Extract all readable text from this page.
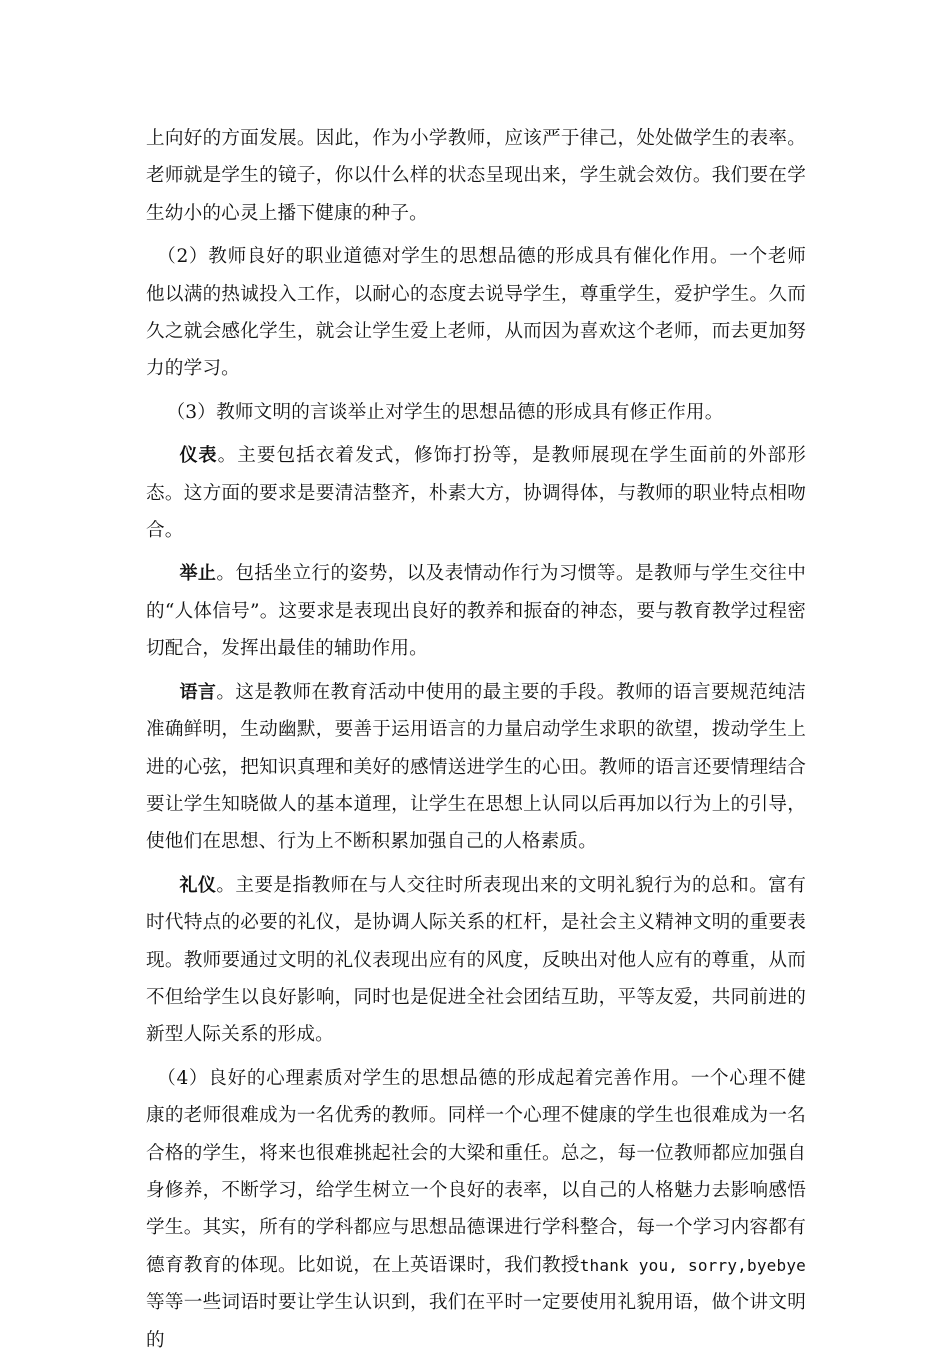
上向好的方面发展。因此，作为小学教师，应该严于律己，处处做学生的表率。老师就是学生的镜子，你以什么样的状态呈现出来，学生就会效仿。我们要在学生幼小的心灵上播下健康的种子。

（2）教师良好的职业道德对学生的思想品德的形成具有催化作用。一个老师他以满的热诚投入工作，以耐心的态度去说导学生，尊重学生，爱护学生。久而久之就会感化学生，就会让学生爱上老师，从而因为喜欢这个老师，而去更加努力的学习。

（3）教师文明的言谈举止对学生的思想品德的形成具有修正作用。

仪表。主要包括衣着发式，修饰打扮等，是教师展现在学生面前的外部形态。这方面的要求是要清洁整齐，朴素大方，协调得体，与教师的职业特点相吻合。

举止。包括坐立行的姿势，以及表情动作行为习惯等。是教师与学生交往中的“人体信号”。这要求是表现出良好的教养和振奋的神态，要与教育教学过程密切配合，发挥出最佳的辅助作用。

语言。这是教师在教育活动中使用的最主要的手段。教师的语言要规范纯洁准确鲜明，生动幽默，要善于运用语言的力量启动学生求职的欲望，拨动学生上进的心弦，把知识真理和美好的感情送进学生的心田。教师的语言还要情理结合要让学生知晓做人的基本道理，让学生在思想上认同以后再加以行为上的引导，使他们在思想、行为上不断积累加强自己的人格素质。

礼仪。主要是指教师在与人交往时所表现出来的文明礼貌行为的总和。富有时代特点的必要的礼仪，是协调人际关系的杠杆，是社会主义精神文明的重要表现。教师要通过文明的礼仪表现出应有的风度，反映出对他人应有的尊重，从而不但给学生以良好影响，同时也是促进全社会团结互助，平等友爱，共同前进的新型人际关系的形成。

（4）良好的心理素质对学生的思想品德的形成起着完善作用。一个心理不健康的老师很难成为一名优秀的教师。同样一个心理不健康的学生也很难成为一名合格的学生，将来也很难挑起社会的大梁和重任。总之，每一位教师都应加强自身修养，不断学习，给学生树立一个良好的表率，以自己的人格魅力去影响感悟学生。其实，所有的学科都应与思想品德课进行学科整合，每一个学习内容都有德育教育的体现。比如说，在上英语课时，我们教授thank you, sorry,byebye等等一些词语时要让学生认识到，我们在平时一定要使用礼貌用语，做个讲文明的
